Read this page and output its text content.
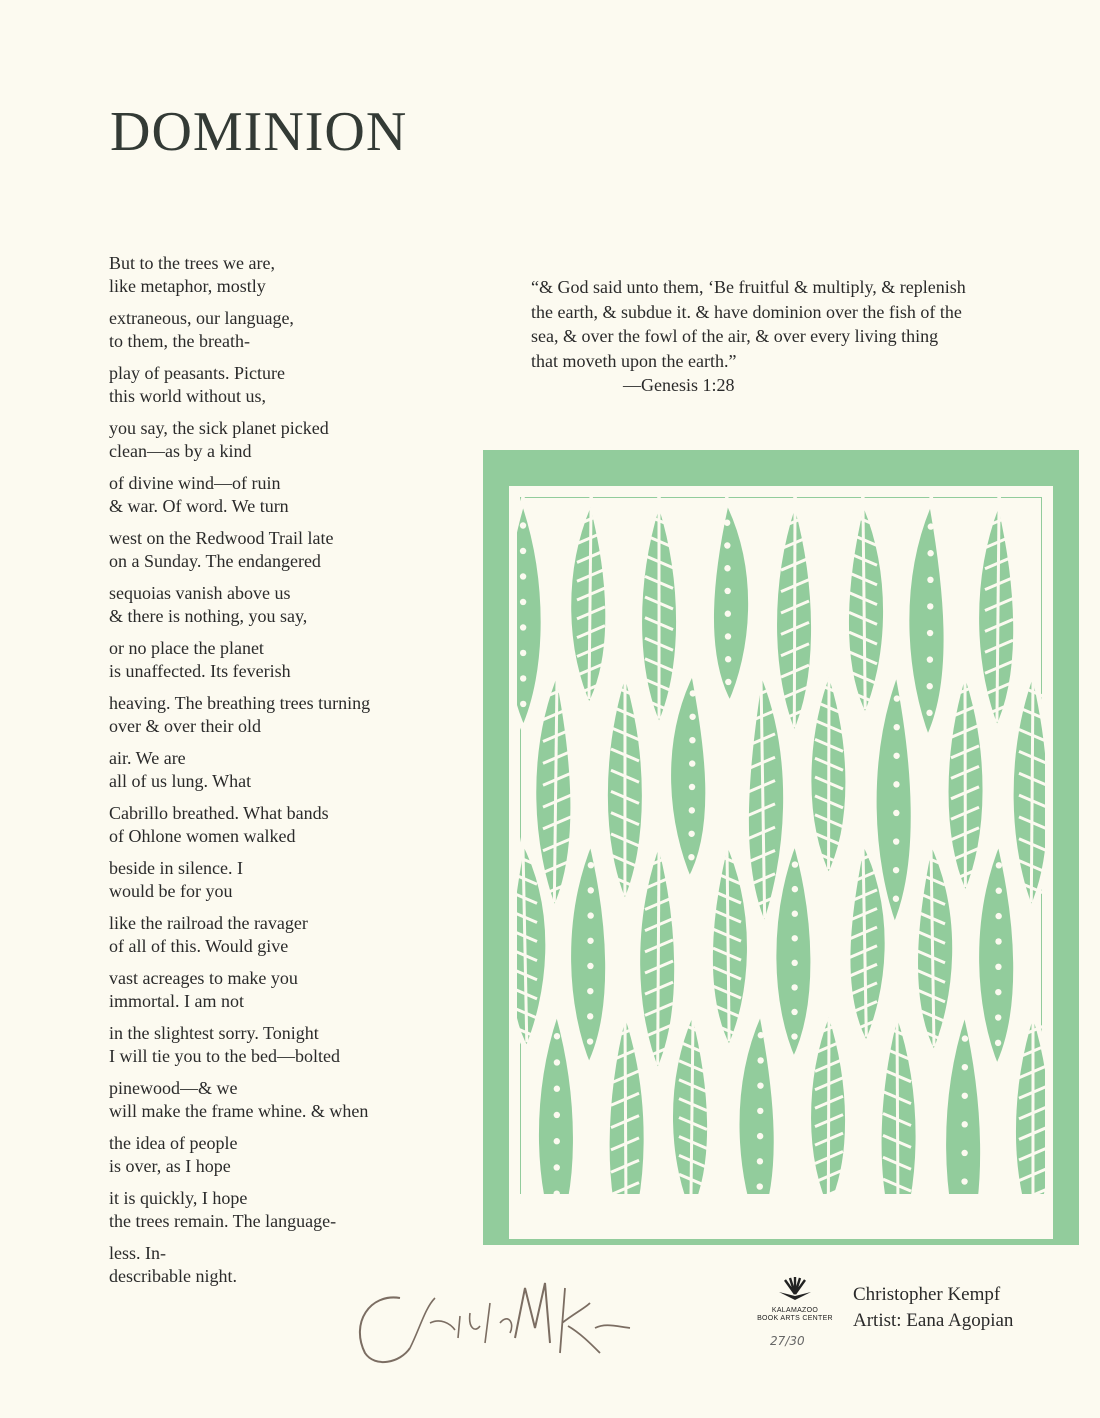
DOMINION
But to the trees we are,
like metaphor, mostly
extraneous, our language,
to them, the breath-
play of peasants. Picture
this world without us,
you say, the sick planet picked
clean—as by a kind
of divine wind—of ruin
& war. Of word. We turn
west on the Redwood Trail late
on a Sunday. The endangered
sequoias vanish above us
& there is nothing, you say,
or no place the planet
is unaffected. Its feverish
heaving. The breathing trees turning
over & over their old
air. We are
all of us lung. What
Cabrillo breathed. What bands
of Ohlone women walked
beside in silence. I
would be for you
like the railroad the ravager
of all of this. Would give
vast acreages to make you
immortal. I am not
in the slightest sorry. Tonight
I will tie you to the bed—bolted
pinewood—& we
will make the frame whine. & when
the idea of people
is over, as I hope
it is quickly, I hope
the trees remain. The language-
less. In-
describable night.
“& God said unto them, ‘Be fruitful & multiply, & replenish
the earth, & subdue it. & have dominion over the fish of the
sea, & over the fowl of the air, & over every living thing
that moveth upon the earth.”
—Genesis 1:28
KALAMAZOO
BOOK ARTS CENTER
Christopher Kempf
Artist: Eana Agopian
27/30
